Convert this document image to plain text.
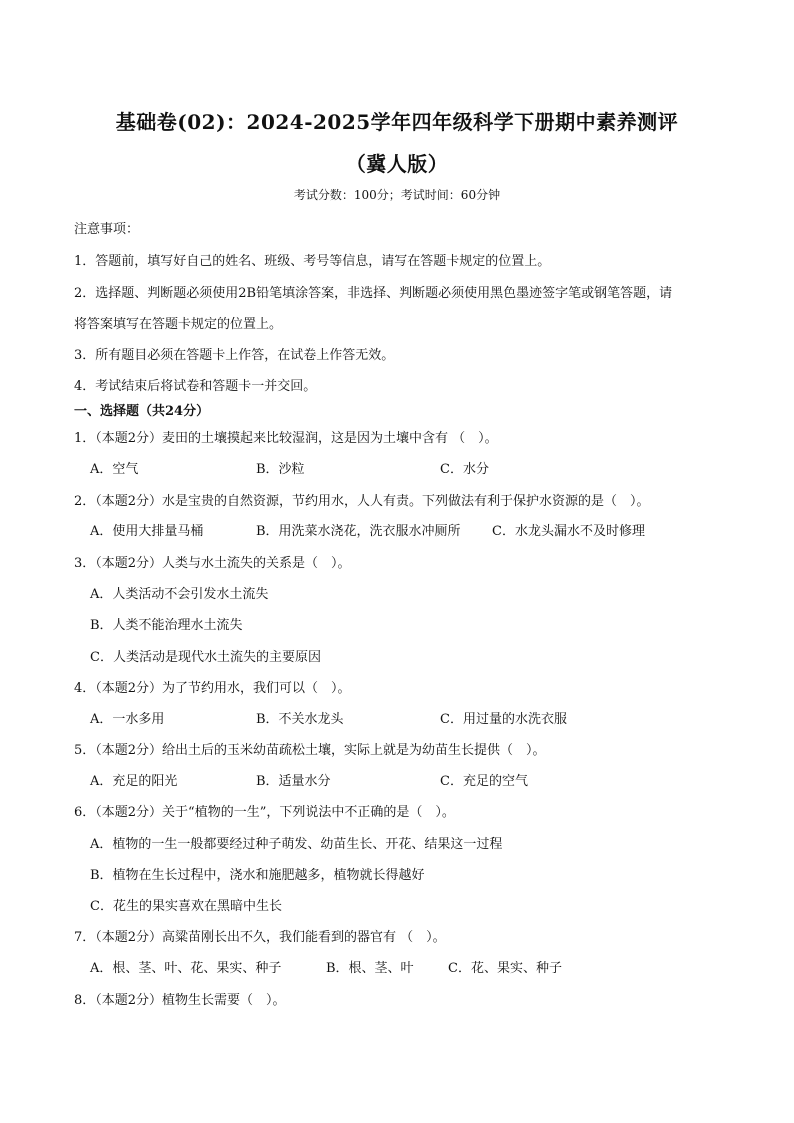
基础卷(02)：2024-2025学年四年级科学下册期中素养测评
（冀人版）
考试分数：100分；考试时间：60分钟
注意事项：
1．答题前，填写好自己的姓名、班级、考号等信息，请写在答题卡规定的位置上。
2．选择题、判断题必须使用2B铅笔填涂答案，非选择、判断题必须使用黑色墨迹签字笔或钢笔答题，请
将答案填写在答题卡规定的位置上。
3．所有题目必须在答题卡上作答，在试卷上作答无效。
4．考试结束后将试卷和答题卡一并交回。
一、选择题（共24分）
1．（本题2分）麦田的土壤摸起来比较湿润，这是因为土壤中含有 （　）。
A．空气	B．沙粒	C．水分
2．（本题2分）水是宝贵的自然资源，节约用水，人人有责。下列做法有利于保护水资源的是（　）。
A．使用大排量马桶	B．用洗菜水浇花，洗衣服水冲厕所 C．水龙头漏水不及时修理
3．（本题2分）人类与水土流失的关系是（　）。
A．人类活动不会引发水土流失
B．人类不能治理水土流失
C．人类活动是现代水土流失的主要原因
4．（本题2分）为了节约用水，我们可以（　）。
A．一水多用	B．不关水龙头	C．用过量的水洗衣服
5．（本题2分）给出土后的玉米幼苗疏松土壤，实际上就是为幼苗生长提供（　）。
A．充足的阳光	B．适量水分	C．充足的空气
6．（本题2分）关于“植物的一生”，下列说法中不正确的是（　）。
A．植物的一生一般都要经过种子萌发、幼苗生长、开花、结果这一过程
B．植物在生长过程中，浇水和施肥越多，植物就长得越好
C．花生的果实喜欢在黑暗中生长
7．（本题2分）高粱苗刚长出不久，我们能看到的器官有 （　）。
A．根、茎、叶、花、果实、种子	B．根、茎、叶	C．花、果实、种子
8．（本题2分）植物生长需要（　）。
